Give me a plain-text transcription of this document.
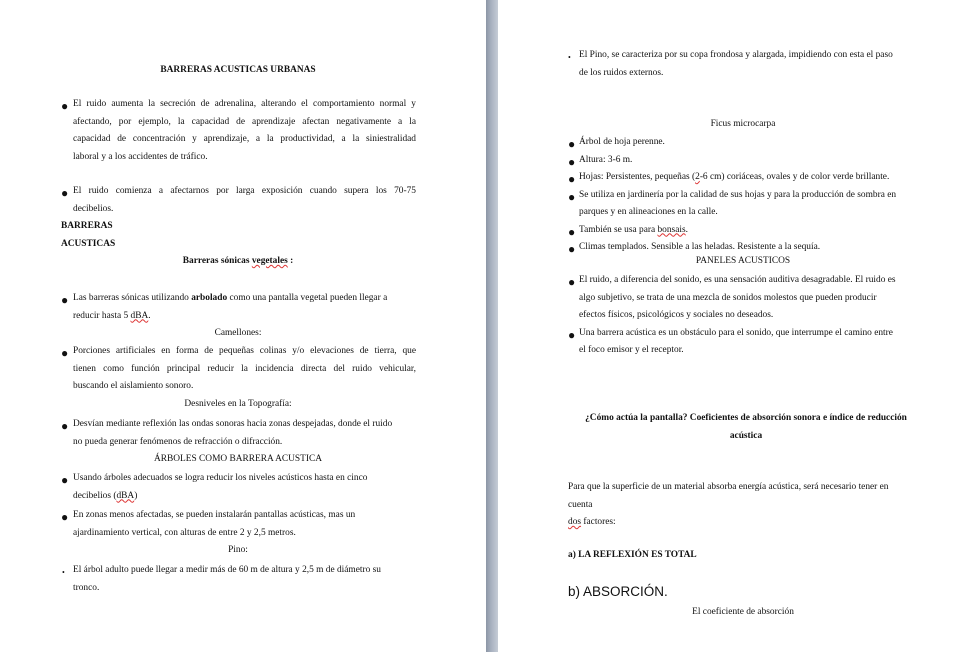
BARRERAS ACUSTICAS URBANAS
● El ruido aumenta la secreción de adrenalina, alterando el comportamiento normal y
afectando, por ejemplo, la capacidad de aprendizaje afectan negativamente a la
capacidad de concentración y aprendizaje, a la productividad, a la siniestralidad
laboral y a los accidentes de tráfico.
● El ruido comienza a afectarnos por larga exposición cuando supera los 70-75
decibelios.
BARRERAS
ACUSTICAS
Barreras sónicas vegetales :
● Las barreras sónicas utilizando arbolado como una pantalla vegetal pueden llegar a
reducir hasta 5 dBA.
Camellones:
● Porciones artificiales en forma de pequeñas colinas y/o elevaciones de tierra, que
tienen como función principal reducir la incidencia directa del ruido vehicular,
buscando el aislamiento sonoro.
Desniveles en la Topografía:
● Desvían mediante reflexión las ondas sonoras hacia zonas despejadas, donde el ruido
no pueda generar fenómenos de refracción o difracción.
ÁRBOLES COMO BARRERA ACUSTICA
● Usando árboles adecuados se logra reducir los niveles acústicos hasta en cinco
decibelios (dBA)
● En zonas menos afectadas, se pueden instalarán pantallas acústicas, mas un
ajardinamiento vertical, con alturas de entre 2 y 2,5 metros.
Pino:
• El árbol adulto puede llegar a medir más de 60 m de altura y 2,5 m de diámetro su
tronco.
• El Pino, se caracteriza por su copa frondosa y alargada, impidiendo con esta el paso
de los ruidos externos.
Ficus microcarpa
● Árbol de hoja perenne.
● Altura: 3-6 m.
● Hojas: Persistentes, pequeñas (2-6 cm) coriáceas, ovales y de color verde brillante.
● Se utiliza en jardinería por la calidad de sus hojas y para la producción de sombra en
parques y en alineaciones en la calle.
● También se usa para bonsais.
● Climas templados. Sensible a las heladas. Resistente a la sequía.
PANELES ACUSTICOS
● El ruido, a diferencia del sonido, es una sensación auditiva desagradable. El ruido es
algo subjetivo, se trata de una mezcla de sonidos molestos que pueden producir
efectos físicos, psicológicos y sociales no deseados.
● Una barrera acústica es un obstáculo para el sonido, que interrumpe el camino entre
el foco emisor y el receptor.
¿Cómo actúa la pantalla? Coeficientes de absorción sonora e índice de reducción
acústica
Para que la superficie de un material absorba energía acústica, será necesario tener en
cuenta
dos factores:
a) LA REFLEXIÓN ES TOTAL
b) ABSORCIÓN.
El coeficiente de absorción
